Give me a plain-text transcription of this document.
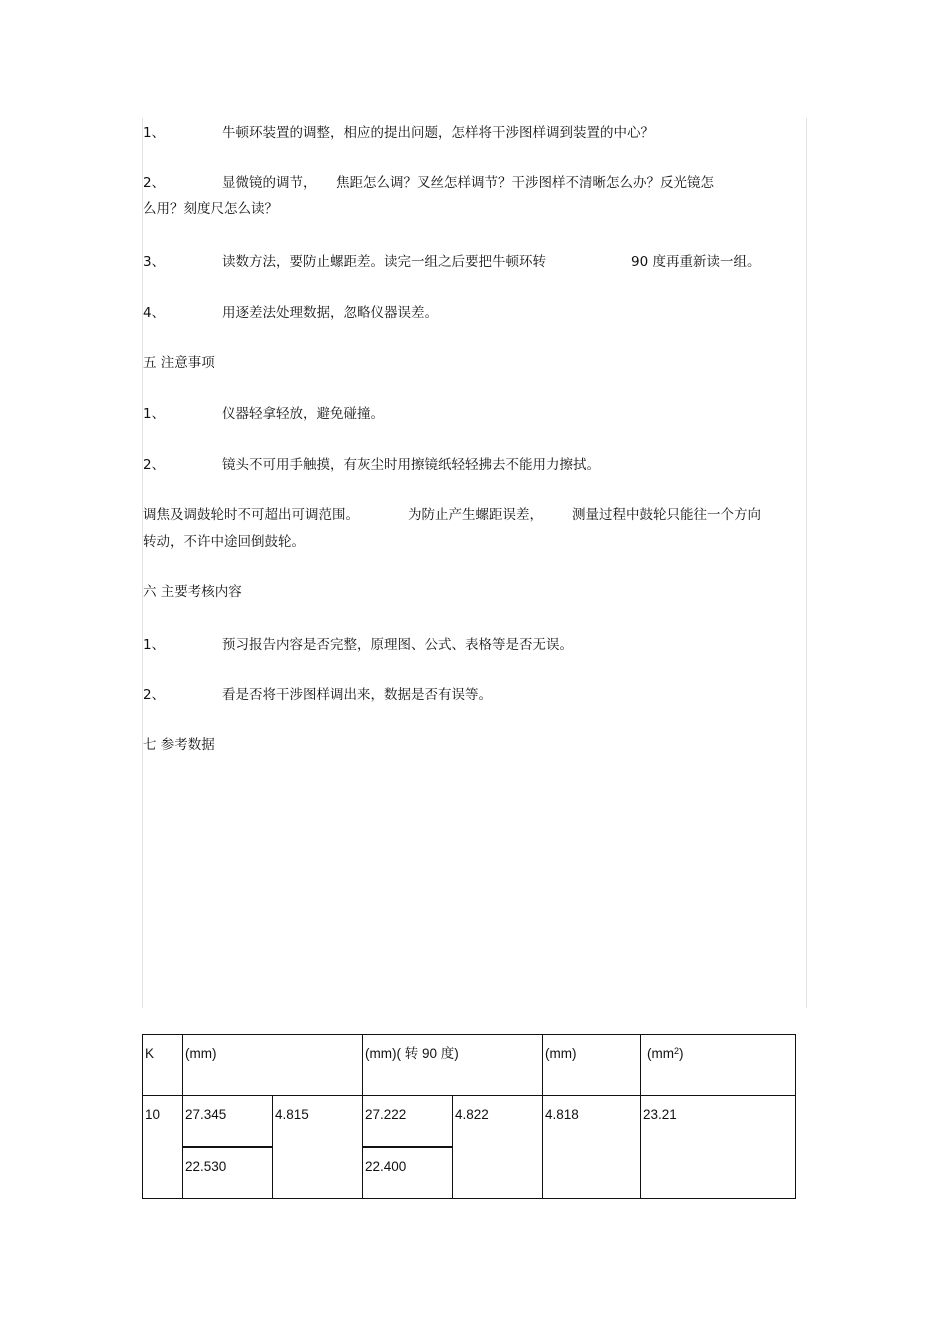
1、	牛顿环装置的调整，相应的提出问题，怎样将干涉图样调到装置的中心？
2、	显微镜的调节， 焦距怎么调？叉丝怎样调节？干涉图样不清晰怎么办？反光镜怎
么用？刻度尺怎么读？
3、	读数方法，要防止螺距差。读完一组之后要把牛顿环转	90 度再重新读一组。
4、	用逐差法处理数据，忽略仪器误差。
五 注意事项
1、	仪器轻拿轻放，避免碰撞。
2、	镜头不可用手触摸，有灰尘时用擦镜纸轻轻拂去不能用力擦拭。
调焦及调鼓轮时不可超出可调范围。	为防止产生螺距误差， 测量过程中鼓轮只能往一个方向
转动，不许中途回倒鼓轮。
六 主要考核内容
1、	预习报告内容是否完整，原理图、公式、表格等是否无误。
2、	看是否将干涉图样调出来，数据是否有误等。
七 参考数据
K	(mm)		(mm)( 转 90 度)		(mm)	$(mm^2)$
10	27.345	4.815	27.222	4.822	4.818	23.21
	22.530		22.400			
